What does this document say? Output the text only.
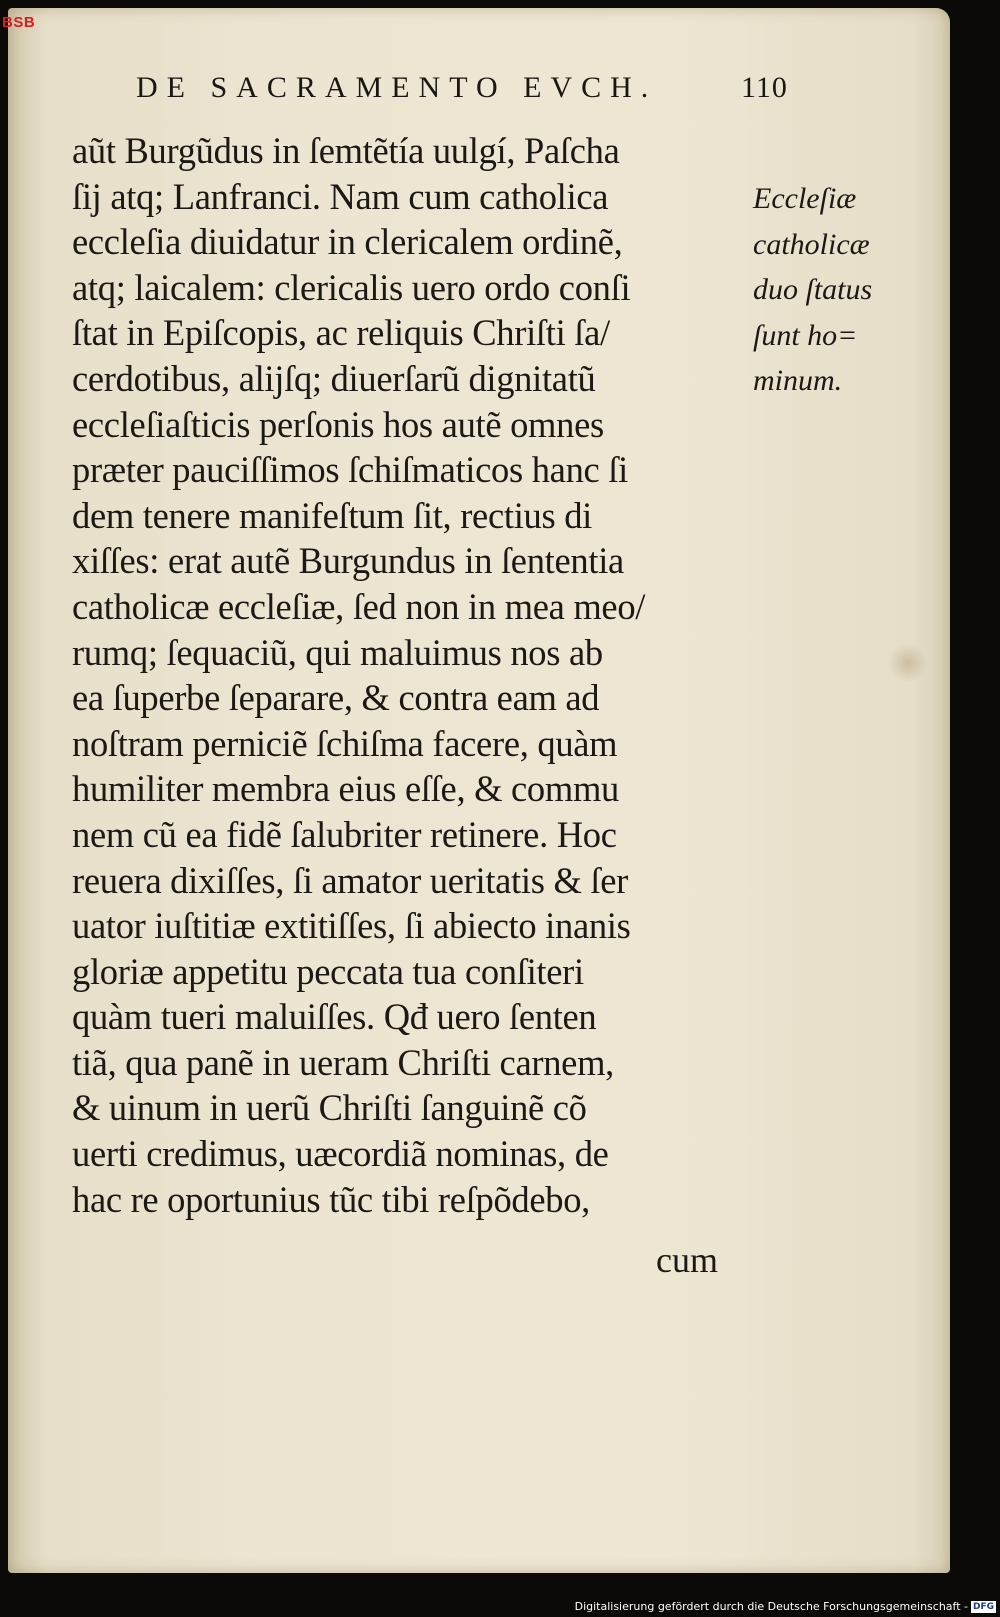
BSB
DE SACRAMENTO EVCH.	110
aũt Burgũdus in ſemtẽtía uulgí, Paſcha
ſij atq; Lanfranci. Nam cum catholica
eccleſia diuidatur in clericalem ordinẽ,
atq; laicalem: clericalis uero ordo conſi
ſtat in Epiſcopis, ac reliquis Chriſti ſa/
cerdotibus, alijſq; diuerſarũ dignitatũ
eccleſiaſticis perſonis hos autẽ omnes
præter pauciſſimos ſchiſmaticos hanc ſi
dem tenere manifeſtum ſit, rectius di
xiſſes: erat autẽ Burgundus in ſententia
catholicæ eccleſiæ, ſed non in mea meo/
rumq; ſequaciũ, qui maluimus nos ab
ea ſuperbe ſeparare, & contra eam ad
noſtram perniciẽ ſchiſma facere, quàm
humiliter membra eius eſſe, & commu
nem cũ ea fidẽ ſalubriter retinere. Hoc
reuera dixiſſes, ſi amator ueritatis & ſer
uator iuſtitiæ extitiſſes, ſi abiecto inanis
gloriæ appetitu peccata tua conſiteri
quàm tueri maluiſſes. Qđ uero ſenten
tiã, qua panẽ in ueram Chriſti carnem,
& uinum in uerũ Chriſti ſanguinẽ cõ
uerti credimus, uæcordiã nominas, de
hac re oportunius tũc tibi reſpõdebo,
cum
Eccleſiæ
catholicæ
duo ſtatus
ſunt ho=
minum.
Digitalisierung gefördert durch die Deutsche Forschungsgemeinschaft - DFG
